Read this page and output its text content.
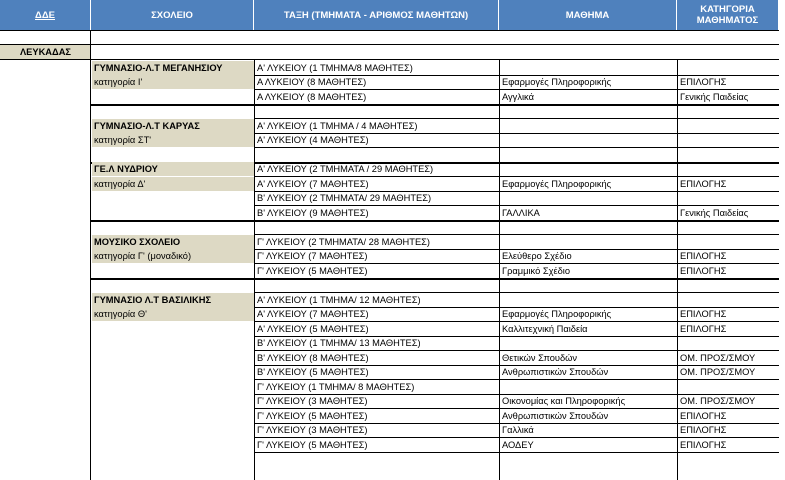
ΔΔΕ	ΣΧΟΛΕΙΟ	ΤΑΞΗ (ΤΜΗΜΑΤΑ - ΑΡΙΘΜΟΣ ΜΑΘΗΤΩΝ)	ΜΑΘΗΜΑ	ΚΑΤΗΓΟΡΙΑ
ΜΑΘΗΜΑΤΟΣ
ΛΕΥΚΑΔΑΣ
ΓΥΜΝΑΣΙΟ-Λ.Τ ΜΕΓΑΝΗΣΙΟΥ	Α' ΛΥΚΕΙΟΥ (1 ΤΜΗΜΑ/8 ΜΑΘΗΤΕΣ)
κατηγορία Ι'	Α ΛΥΚΕΙΟΥ (8 ΜΑΘΗΤΕΣ)	Εφαρμογές Πληροφορικής	ΕΠΙΛΟΓΗΣ
Α ΛΥΚΕΙΟΥ (8 ΜΑΘΗΤΕΣ)	Αγγλικά	Γενικής Παιδείας
ΓΥΜΝΑΣΙΟ-Λ.Τ ΚΑΡΥΑΣ	Α' ΛΥΚΕΙΟΥ (1 ΤΜΗΜΑ / 4 ΜΑΘΗΤΕΣ)
κατηγορία ΣΤ'	Α' ΛΥΚΕΙΟΥ (4 ΜΑΘΗΤΕΣ)
ΓΕ.Λ ΝΥΔΡΙΟΥ	Α' ΛΥΚΕΙΟΥ (2 ΤΜΗΜΑΤΑ / 29 ΜΑΘΗΤΕΣ)
κατηγορία Δ'	Α' ΛΥΚΕΙΟΥ (7 ΜΑΘΗΤΕΣ)	Εφαρμογές Πληροφορικής	ΕΠΙΛΟΓΗΣ
Β' ΛΥΚΕΙΟΥ (2 ΤΜΗΜΑΤΑ/ 29 ΜΑΘΗΤΕΣ)
Β' ΛΥΚΕΙΟΥ (9 ΜΑΘΗΤΕΣ)	ΓΑΛΛΙΚΑ	Γενικής Παιδείας
ΜΟΥΣΙΚΟ ΣΧΟΛΕΙΟ	Γ' ΛΥΚΕΙΟΥ (2 ΤΜΗΜΑΤΑ/ 28 ΜΑΘΗΤΕΣ)
κατηγορία Γ' (μοναδικό)	Γ' ΛΥΚΕΙΟΥ (7 ΜΑΘΗΤΕΣ)	Ελεύθερο Σχέδιο	ΕΠΙΛΟΓΗΣ
Γ' ΛΥΚΕΙΟΥ (5 ΜΑΘΗΤΕΣ)	Γραμμικό Σχέδιο	ΕΠΙΛΟΓΗΣ
ΓΥΜΝΑΣΙΟ Λ.Τ ΒΑΣΙΛΙΚΗΣ	Α' ΛΥΚΕΙΟΥ (1 ΤΜΗΜΑ/ 12 ΜΑΘΗΤΕΣ)
κατηγορία Θ'	Α' ΛΥΚΕΙΟΥ (7 ΜΑΘΗΤΕΣ)	Εφαρμογές Πληροφορικής	ΕΠΙΛΟΓΗΣ
Α' ΛΥΚΕΙΟΥ (5 ΜΑΘΗΤΕΣ)	Καλλιτεχνική Παιδεία	ΕΠΙΛΟΓΗΣ
Β' ΛΥΚΕΙΟΥ (1 ΤΜΗΜΑ/ 13 ΜΑΘΗΤΕΣ)
Β' ΛΥΚΕΙΟΥ (8 ΜΑΘΗΤΕΣ)	Θετικών Σπουδών	ΟΜ. ΠΡΟΣ/ΣΜΟΥ
Β' ΛΥΚΕΙΟΥ (5 ΜΑΘΗΤΕΣ)	Ανθρωπιστικών Σπουδών	ΟΜ. ΠΡΟΣ/ΣΜΟΥ
Γ' ΛΥΚΕΙΟΥ (1 ΤΜΗΜΑ/ 8 ΜΑΘΗΤΕΣ)
Γ' ΛΥΚΕΙΟΥ (3 ΜΑΘΗΤΕΣ)	Οικονομίας και Πληροφορικής	ΟΜ. ΠΡΟΣ/ΣΜΟΥ
Γ' ΛΥΚΕΙΟΥ (5 ΜΑΘΗΤΕΣ)	Ανθρωπιστικών Σπουδών	ΕΠΙΛΟΓΗΣ
Γ' ΛΥΚΕΙΟΥ (3 ΜΑΘΗΤΕΣ)	Γαλλικά	ΕΠΙΛΟΓΗΣ
Γ' ΛΥΚΕΙΟΥ (5 ΜΑΘΗΤΕΣ)	ΑΟΔΕΥ	ΕΠΙΛΟΓΗΣ
